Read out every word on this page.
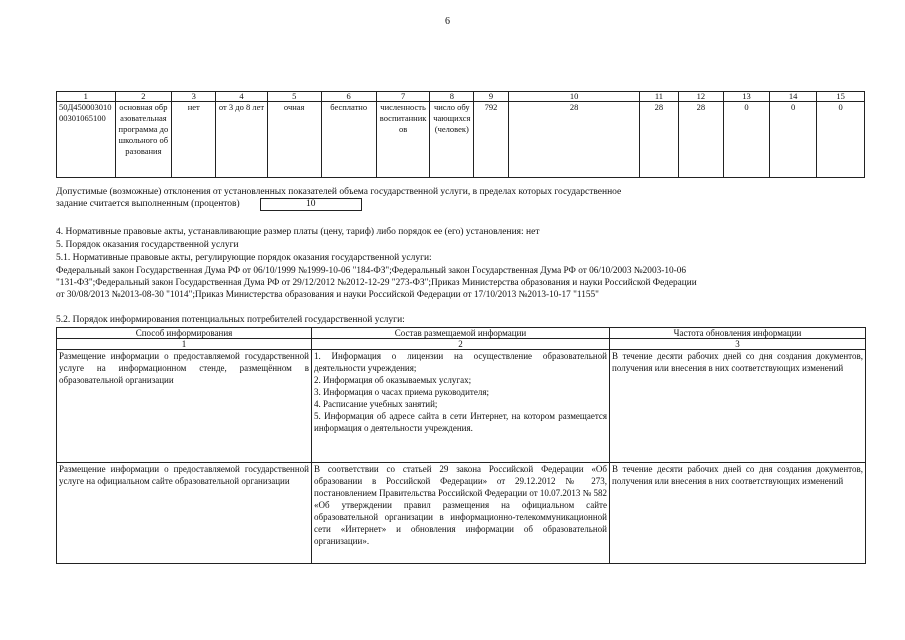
6
1	2	3	4	5	6	7	8	9	10	11	12	13	14	15
50Д45000301000301065100	основная образовательная программа дошкольного образования	нет	от 3 до 8 лет	очная	бесплатно	численность воспитанников	число обучающихся (человек)	792	28	28	28	0	0	0
Допустимые (возможные) отклонения от установленных показателей объема государственной услуги, в пределах которых государственное
задание считается выполненным (процентов)	10
4. Нормативные правовые акты, устанавливающие размер платы (цену, тариф) либо порядок ее (его) установления: нет
5. Порядок оказания государственной услуги
5.1. Нормативные правовые акты, регулирующие порядок оказания государственной услуги:
Федеральный закон Государственная Дума РФ от 06/10/1999 №1999-10-06 "184-ФЗ";Федеральный закон Государственная Дума РФ от 06/10/2003 №2003-10-06
"131-ФЗ";Федеральный закон Государственная Дума РФ от 29/12/2012 №2012-12-29 "273-ФЗ";Приказ Министерства образования и науки Российской Федерации
от 30/08/2013 №2013-08-30 "1014";Приказ Министерства образования и науки Российской Федерации от 17/10/2013 №2013-10-17 "1155"
5.2. Порядок информирования потенциальных потребителей государственной услуги:
Способ информирования	Состав размещаемой информации	Частота обновления информации
1	2	3
Размещение информации о предоставляемой государственной услуге на информационном стенде, размещённом в образовательной организации	1. Информация о лицензии на осуществление образовательной деятельности учреждения;
2. Информация об оказываемых услугах;
3. Информация о часах приема руководителя;
4. Расписание учебных занятий;
5. Информация об адресе сайта в сети Интернет, на котором размещается информация о деятельности учреждения.	В течение десяти рабочих дней со дня создания документов, получения или внесения в них соответствующих изменений
Размещение информации о предоставляемой государственной услуге на официальном сайте образовательной организации	В соответствии со статьей 29 закона Российской Федерации «Об образовании в Российской Федерации» от 29.12.2012 № 273, постановлением Правительства Российской Федерации от 10.07.2013 № 582 «Об утверждении правил размещения на официальном сайте образовательной организации в информационно-телекоммуникационной сети «Интернет» и обновления информации об образовательной организации».	В течение десяти рабочих дней со дня создания документов, получения или внесения в них соответствующих изменений
